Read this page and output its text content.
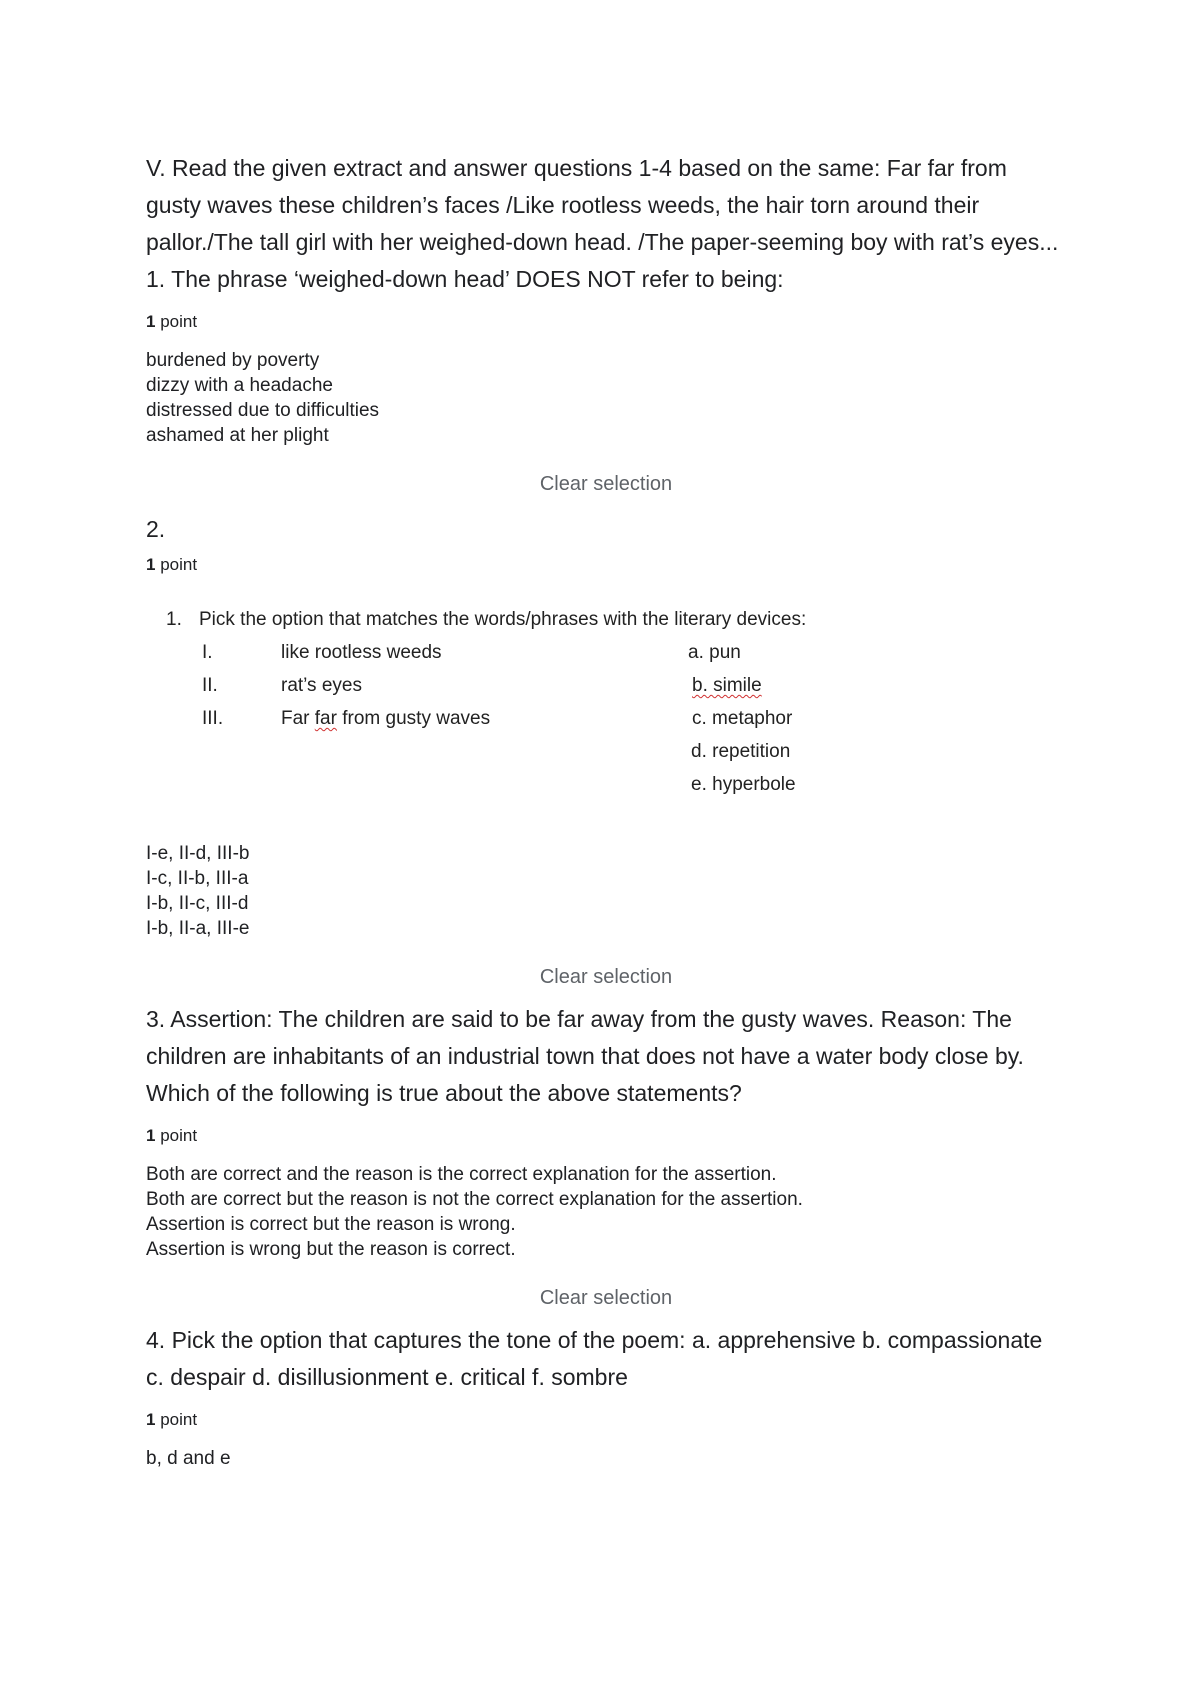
V. Read the given extract and answer questions 1-4 based on the same: Far far from gusty waves these children’s faces /Like rootless weeds, the hair torn around their pallor./The tall girl with her weighed-down head. /The paper-seeming boy with rat’s eyes... 1. The phrase ‘weighed-down head’ DOES NOT refer to being:

1 point
burdened by poverty
dizzy with a headache
distressed due to difficulties
ashamed at her plight
Clear selection
2.
1 point
1. Pick the option that matches the words/phrases with the literary devices:
I.	like rootless weeds
II.	rat’s eyes
III.	Far far from gusty waves
a. pun
b. simile
c. metaphor
d. repetition
e. hyperbole
I-e, II-d, III-b
I-c, II-b, III-a
I-b, II-c, III-d
I-b, II-a, III-e
Clear selection

3. Assertion: The children are said to be far away from the gusty waves. Reason: The children are inhabitants of an industrial town that does not have a water body close by. Which of the following is true about the above statements?

1 point
Both are correct and the reason is the correct explanation for the assertion.
Both are correct but the reason is not the correct explanation for the assertion.
Assertion is correct but the reason is wrong.
Assertion is wrong but the reason is correct.
Clear selection

4. Pick the option that captures the tone of the poem: a. apprehensive b. compassionate c. despair d. disillusionment e. critical f. sombre

1 point
b, d and e
